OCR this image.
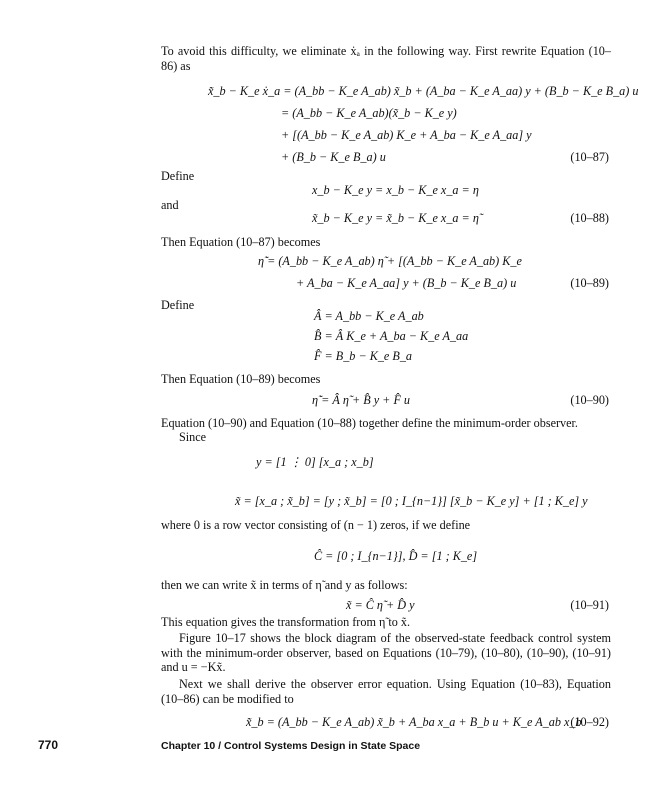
To avoid this difficulty, we eliminate ẋₐ in the following way. First rewrite Equation (10–86) as

x̃̇_b − K_e ẋ_a = (A_bb − K_e A_ab) x̃_b + (A_ba − K_e A_aa) y + (B_b − K_e B_a) u
= (A_bb − K_e A_ab)(x̃_b − K_e y)
+ [(A_bb − K_e A_ab) K_e + A_ba − K_e A_aa] y
+ (B_b − K_e B_a) u	(10–87)
Define
x_b − K_e y = x_b − K_e x_a = η
and
x̃_b − K_e y = x̃_b − K_e x_a = η̃	(10–88)
Then Equation (10–87) becomes
η̃̇ = (A_bb − K_e A_ab) η̃ + [(A_bb − K_e A_ab) K_e
+ A_ba − K_e A_aa] y + (B_b − K_e B_a) u	(10–89)
Define
Â = A_bb − K_e A_ab
B̂ = Â K_e + A_ba − K_e A_aa
F̂ = B_b − K_e B_a
Then Equation (10–89) becomes
η̃̇ = Â η̃ + B̂ y + F̂ u	(10–90)
Equation (10–90) and Equation (10–88) together define the minimum-order observer.
Since
y = [1 ⋮ 0] [x_a ; x_b]
x̃ = [x_a ; x̃_b] = [y ; x̃_b] = [0 ; I_{n−1}] [x̃_b − K_e y] + [1 ; K_e] y
where 0 is a row vector consisting of (n − 1) zeros, if we define
Ĉ = [0 ; I_{n−1}], D̂ = [1 ; K_e]
then we can write x̃ in terms of η̃ and y as follows:
x̃ = Ĉ η̃ + D̂ y	(10–91)
This equation gives the transformation from η̃ to x̃.

Figure 10–17 shows the block diagram of the observed-state feedback control system with the minimum-order observer, based on Equations (10–79), (10–80), (10–90), (10–91) and u = −Kx̃.

Next we shall derive the observer error equation. Using Equation (10–83), Equation (10–86) can be modified to

x̃̇_b = (A_bb − K_e A_ab) x̃_b + A_ba x_a + B_b u + K_e A_ab x_b
(10–92)
770	Chapter 10 / Control Systems Design in State Space
